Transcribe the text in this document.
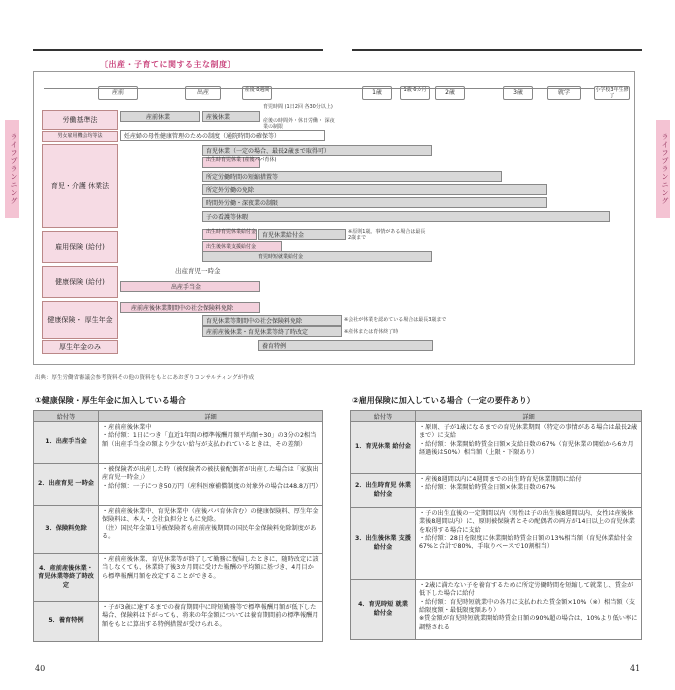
ライフプランニング	ライフプランニング
〔出産・子育てに関する主な制度〕
産前	出産	産後 8週間	1歳	1歳 6カ月	2歳	3歳	就学	小学校3年生修了
労働基準法
男女雇用機会均等法
育児・介護 休業法
雇用保険 (給付)
健康保険 (給付)
健康保険・ 厚生年金
厚生年金のみ
産前休業	産後休業
育児時間 (1日2回 各30分以上)
産後の時間外・休日労働・ 深夜業の制限
妊産婦の母性健康管理のための制度（通院時間の確保等）
育児休業（一定の場合、最長2歳まで取得可）
出生時育児休業 (産後パパ育休)
所定労働時間の短縮措置等
所定外労働の免除
時間外労働・深夜業の制限
子の看護等休暇
出生時育児休業給付金 育児休業給付金	※原則1歳。事情がある場合は最長2歳まで
出生後休業支援給付金
育児時短就業給付金
出産育児一時金
出産手当金
産前産後休業期間中の社会保険料免除
育児休業等期間中の社会保険料免除	※会社が休業を認めている場合は最長3歳まで
産前産後休業・育児休業等終了時改定	※産休または育休終了時
養育特例
出典：厚生労働省審議会参考資料その他の資料をもとにあおぎりコンサルティングが作成
①健康保険・厚生年金に加入している場合
給付等	詳細
1．出産手当金	・産前産後休業中
・給付額：1日につき「直近1年間の標準報酬月額平均額÷30」の3分の2相当額（出産手当金の額より少ない給与が支払われているときは、その差額）
2．出産育児 一時金	・被保険者が出産した時（被保険者の被扶養配偶者が出産した場合は「家族出産育児一時金」）
・給付額：一子につき50万円（産科医療補償制度の対象外の場合は48.8万円）
3．保険料免除	・産前産後休業中、育児休業中（産後パパ育休含む）の健康保険料、厚生年金保険料は、本人・会社負担分ともに免除。
（注）国民年金第1号被保険者も産前産後期間の国民年金保険料免除制度がある。
4．産前産後休業・育児休業等終了時改定	・産前産後休業、育児休業等が終了して勤務に復帰したときに、随時改定に該当しなくても、休業終了後3カ月間に受けた報酬の平均額に基づき、4月目から標準報酬月額を改定することができる。
5．養育特例	・子が3歳に達するまでの養育期間中に時短勤務等で標準報酬月額が低下した場合、保険料は下がっても、将来の年金額については養育期間前の標準報酬月額をもとに算出する特例措置が受けられる。
②雇用保険に加入している場合（一定の要件あり）
給付等	詳細
1．育児休業 給付金	・原則、子が1歳になるまでの育児休業期間（特定の事情がある場合は最長2歳まで）に支給
・給付額：休業開始時賃金日額×支給日数の67%（育児休業の開始から6カ月経過後は50%）相当額（上限・下限あり）
2．出生時育児 休業給付金	・産後8週間以内に4週間までの出生時育児休業期間に給付
・給付額：休業開始時賃金日額×休業日数の67%
3．出生後休業 支援給付金	・子の出生直後の一定期間以内（男性は子の出生後8週間以内、女性は産後休業後8週間以内）に、原則被保険者とその配偶者の両方が14日以上の育児休業を取得する場合に支給
・給付額：28日を限度に休業開始時賃金日額の13%相当額（育児休業給付金67%と合計で80%、手取りベースで10割相当）
4．育児時短 就業 給付金	・2歳に満たない子を養育するために所定労働時間を短縮して就業し、賃金が低下した場合に給付
・給付額：育児時短就業中の各月に支払われた賃金額×10%（※）相当額（支給限度額・最低限度額あり）
※賃金額が育児時短就業開始時賃金日額の90%超の場合は、10%より低い率に調整される
40	41
